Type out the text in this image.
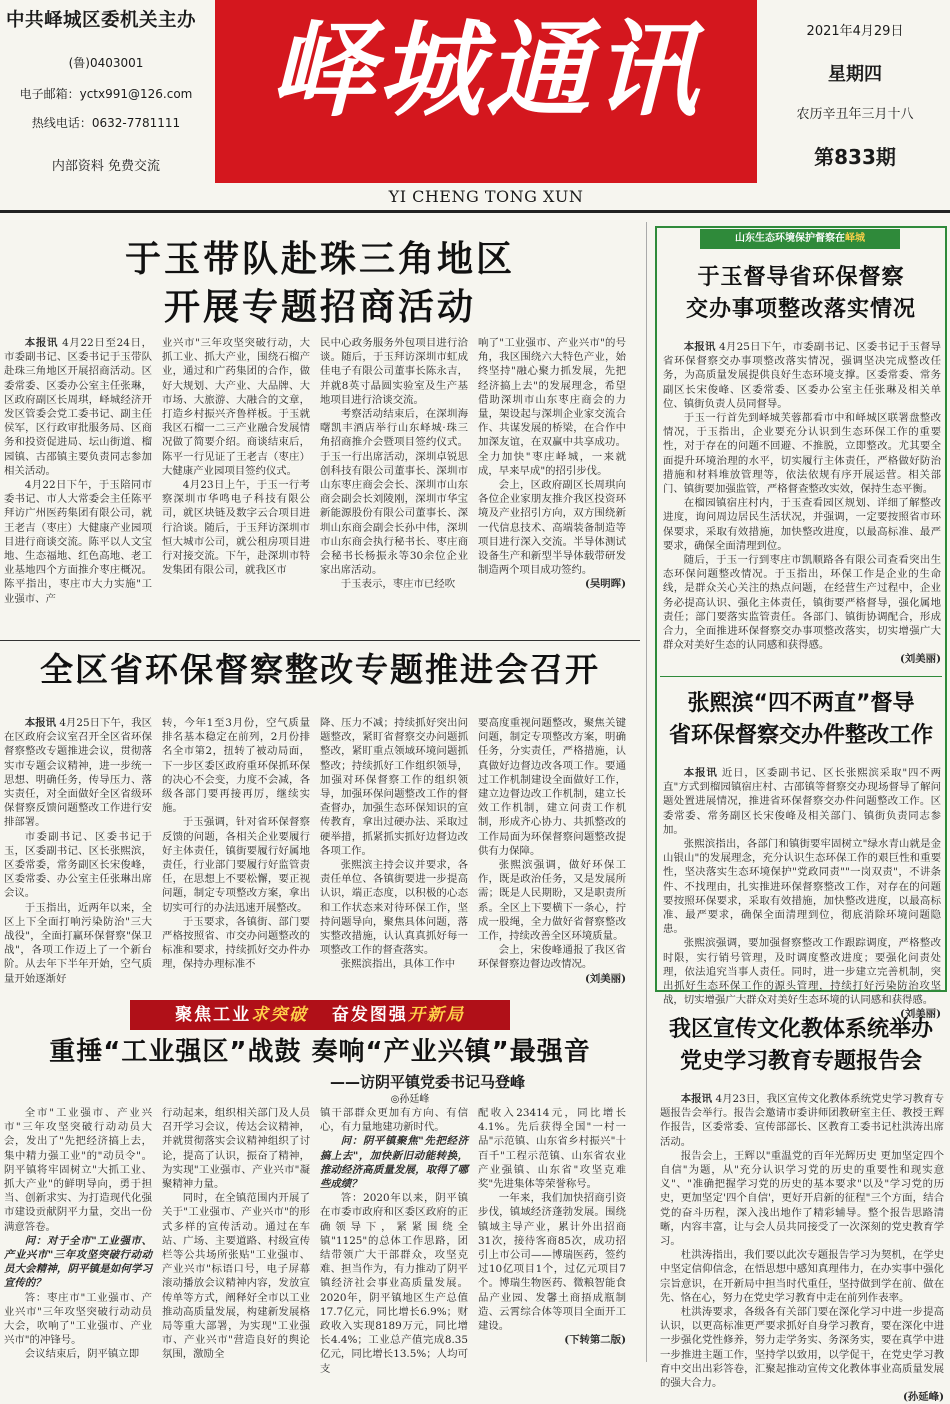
中共峄城区委机关主办
(鲁)0403001
电子邮箱：yctx991@126.com
热线电话：0632-7781111
内部资料 免费交流
峄城通讯	2021年4月29日
星期四
农历辛丑年三月十八
第833期
YI CHENG TONG XUN
于玉带队赴珠三角地区
开展专题招商活动

本报讯 4月22日至24日，市委副书记、区委书记于玉带队赴珠三角地区开展招商活动。区委常委、区委办公室主任张琳，区政府副区长周琪，峄城经济开发区管委会党工委书记、副主任侯军，区行政审批服务局、区商务和投资促进局、坛山街道、榴园镇、古邵镇主要负责同志参加相关活动。

4月22日下午，于玉陪同市委书记、市人大常委会主任陈平拜访广州医药集团有限公司，就王老吉（枣庄）大健康产业园项目进行商谈交流。陈平以人文宝地、生态福地、红色高地、老工业基地四个方面推介枣庄概况。陈平指出，枣庄市大力实施"工业强市、产

业兴市"三年攻坚突破行动，大抓工业、抓大产业，围绕石榴产业，通过和广药集团的合作，做好大规划、大产业、大品牌、大市场、大旅游、大融合的文章，打造乡村振兴齐鲁样板。于玉就我区石榴一二三产业融合发展情况做了简要介绍。商谈结束后，陈平一行见证了王老吉（枣庄）大健康产业园项目签约仪式。

4月23日上午，于玉一行考察深圳市华鸣电子科技有限公司，就区块链及数字云合项目进行洽谈。随后，于玉拜访深圳市恒大城市公司，就公租房项目进行对接交流。下午，赴深圳市特发集团有限公司，就我区市

民中心政务服务外包项目进行洽谈。随后，于玉拜访深圳市虹成佳电子有限公司董事长陈永吉，并就8英寸晶圆实验室及生产基地项目进行洽谈交流。

考察活动结束后，在深圳海曙凯丰酒店举行山东峄城·珠三角招商推介会暨项目签约仪式。于玉一行出席活动，深圳卓锐思创科技有限公司董事长、深圳市山东枣庄商会会长、深圳市山东商会副会长刘陵刚，深圳市华宝新能源股份有限公司董事长、深圳山东商会副会长孙中伟，深圳市山东商会执行秘书长、枣庄商会秘书长杨振永等30余位企业家出席活动。

于玉表示，枣庄市已经吹

响了"工业强市、产业兴市"的号角，我区围绕六大特色产业，始终坚持"融心聚力抓发展，先把经济搞上去"的发展理念，希望借助深圳市山东枣庄商会的力量，架设起与深圳企业家交流合作、共谋发展的桥梁，在合作中加深友谊，在双赢中共享成功。全力加快"枣庄峄城，一来就成，早来早成"的招引步伐。

会上，区政府副区长周琪向各位企业家朋友推介我区投资环境及产业招引方向，双方围绕新一代信息技术、高端装备制造等项目进行深入交流。半导体测试设备生产和新型半导体载带研发制造两个项目成功签约。

(吴明晖)
全区省环保督察整改专题推进会召开

本报讯 4月25日下午，我区在区政府会议室召开全区省环保督察整改专题推进会议，贯彻落实市专题会议精神，进一步统一思想、明确任务，传导压力、落实责任，对全面做好全区省级环保督察反馈问题整改工作进行安排部署。

市委副书记、区委书记于玉，区委副书记、区长张熙滨，区委常委，常务副区长宋俊峰，区委常委、办公室主任张琳出席会议。

于玉指出，近两年以来，全区上下全面打响污染防治"三大战役"，全面打赢环保督察"保卫战"，各项工作迈上了一个新台阶。从去年下半年开始，空气质量开始逐渐好

转，今年1至3月份，空气质量排名基本稳定在前列，2月份排名全市第2，扭转了被动局面，下一步区委区政府重环保抓环保的决心不会变，力度不会减，各级各部门要再接再厉，继续实施。

于玉强调，针对省环保督察反馈的问题，各相关企业要履行好主体责任，镇街要履行好属地责任，行业部门要履行好监管责任，在思想上不要松懈，要正视问题，制定专项整改方案，拿出切实可行的办法迅速开展整改。

于玉要求，各镇街、部门要严格按照省、市交办问题整改的标准和要求，持续抓好交办件办理，保持办理标准不

降、压力不减；持续抓好突出问题整改，紧盯省督察交办问题抓整改，紧盯重点领域环境问题抓整改；持续抓好工作组织领导，加强对环保督察工作的组织领导，加强环保问题整改工作的督查督办，加强生态环保知识的宣传教育，拿出过硬办法、采取过硬举措，抓紧抓实抓好边督边改各项工作。

张熙滨主持会议并要求，各责任单位、各镇街要进一步提高认识，端正态度，以积极的心态和工作状态来对待环保工作，坚持问题导向，聚焦具体问题，落实整改措施，认认真真抓好每一项整改工作的督查落实。

张熙滨指出，具体工作中

要高度重视问题整改，聚焦关键问题，制定专项整改方案，明确任务，分实责任，严格措施，认真做好边督边改各项工作。要通过工作机制建设全面做好工作，建立边督边改工作机制，建立长效工作机制，建立问责工作机制，形成齐心协力、共抓整改的工作局面为环保督察问题整改提供有力保障。

张熙滨强调，做好环保工作，既是政治任务，又是发展所需；既是人民期盼，又是职责所系。全区上下要横下一条心，拧成一股绳，全力做好省督察整改工作，持续改善全区环境质量。

会上，宋俊峰通报了我区省环保督察边督边改情况。

(刘美丽)
聚焦工业求突破 奋发图强开新局
重捶“工业强区”战鼓 奏响“产业兴镇”最强音
——访阴平镇党委书记马登峰
◎孙廷峰

全市"工业强市、产业兴市"三年攻坚突破行动动员大会，发出了"先把经济搞上去，集中精力强工业"的"动员令"。阴平镇将牢固树立"大抓工业、抓大产业"的鲜明导向，勇于担当、创新求实、为打造现代化强市建设贡献阴平力量，交出一份满意答卷。

问：对于全市"工业强市、产业兴市"三年攻坚突破行动动员大会精神，阴平镇是如何学习宣传的？

答：枣庄市"工业强市、产业兴市"三年攻坚突破行动动员大会，吹响了"工业强市、产业兴市"的冲锋号。

会议结束后，阴平镇立即

行动起来，组织相关部门及人员召开学习会议，传达会议精神，并就贯彻落实会议精神组织了讨论，提高了认识，振奋了精神，为实现"工业强市、产业兴市"凝聚精神力量。

同时，在全镇范围内开展了关于"工业强市、产业兴市"的形式多样的宣传活动。通过在车站、广场、主要道路、村级宣传栏等公共场所张贴"工业强市、产业兴市"标语口号，电子屏幕滚动播放会议精神内容，发放宣传单等方式，阐释好全市以工业推动高质量发展，构建新发展格局等重大部署，为实现"工业强市、产业兴市"营造良好的舆论氛围，激励全

镇干部群众更加有方向、有信心，有力量地建功新时代。

问：阴平镇聚焦"先把经济搞上去"，加快新旧动能转换，推动经济高质量发展，取得了哪些成绩？

答：2020年以来，阴平镇在市委市政府和区委区政府的正确领导下，紧紧围绕全镇"1125"的总体工作思路，团结带领广大干部群众，攻坚克难、担当作为，有力推动了阴平镇经济社会事业高质量发展。2020年，阴平镇地区生产总值17.7亿元，同比增长6.9%；财政收入实现8189万元，同比增长4.4%；工业总产值完成8.35亿元，同比增长13.5%；人均可支

配收入23414元，同比增长4.1%。先后获得全国"一村一品"示范镇、山东省乡村振兴"十百千"工程示范镇、山东省农业产业强镇、山东省"攻坚克难奖"先进集体等荣誉称号。

一年来，我们加快招商引资步伐，镇域经济蓬勃发展。围绕镇域主导产业，累计外出招商31次，接待客商85次，成功招引上市公司——博瑞医药，签约过10亿项目1个，过亿元项目7个。博瑞生物医药、微粮智能食品产业园、发馨土商捂成瓶制造、云霄综合体等项目全面开工建设。

(下转第二版)
山东生态环境保护督察在峄城
于玉督导省环保督察
交办事项整改落实情况

本报讯 4月25日下午，市委副书记、区委书记于玉督导省环保督察交办事项整改落实情况，强调坚决完成整改任务，为高质量发展提供良好生态环境支撑。区委常委、常务副区长宋俊峰、区委常委、区委办公室主任张琳及相关单位、镇街负责人员同督导。

于玉一行首先到峄城芙蓉都看市中和峄城区联署盘整改情况，于玉指出，企业要充分认识到生态环保工作的重要性，对于存在的问题不回避、不推脱，立即整改。尤其要全面提升环境治理的水平，切实履行主体责任，严格做好防治措施和材料堆放管理等，依法依规有序开展运营。相关部门、镇街要加强监管，严格督查整改实效，保持生态平衡。

在榴园镇宿庄村内，于玉查看园区规划、详细了解整改进度，询问周边居民生活状况，并强调，一定要按照省市环保要求，采取有效措施，加快整改进度，以最高标准、最严要求，确保全面清理到位。

随后，于玉一行到枣庄市凯顺路各有限公司查看突出生态环保问题整改情况。于玉指出，环保工作是企业的生命线，是群众关心关注的热点问题，在经营生产过程中，企业务必提高认识、强化主体责任，镇街要严格督导，强化属地责任；部门要落实监管责任。各部门、镇街协调配合，形成合力，全面推进环保督察交办事项整改落实，切实增强广大群众对美好生态的认同感和获得感。

(刘美丽)
张熙滨“四不两直”督导
省环保督察交办件整改工作

本报讯 近日，区委副书记、区长张熙滨采取"四不两直"方式到榴园镇宿庄村、古邵镇等督察交办现场督导了解问题处置进展情况，推进省环保督察交办件问题整改工作。区委常委、常务副区长宋俊峰及相关部门、镇街负责同志参加。

张熙滨指出，各部门和镇街要牢固树立"绿水青山就是金山银山"的发展理念，充分认识生态环保工作的艰巨性和重要性，坚决落实生态环境保护"党政同责""一岗双责"，不讲条件、不找理由，扎实推进环保督察整改工作，对存在的问题要按照环保要求，采取有效措施，加快整改进度，以最高标准、最严要求，确保全面清理到位，彻底消除环境问题隐患。

张熙滨强调，要加强督察整改工作跟踪调度，严格整改时限，实行销号管理，及时调度整改进度；要强化问责处理，依法追究当事人责任。同时，进一步建立完善机制，突出抓好生态环保工作的源头管理，持续打好污染防治攻坚战，切实增强广大群众对美好生态环境的认同感和获得感。

(刘美丽)
我区宣传文化教体系统举办
党史学习教育专题报告会

本报讯 4月23日，我区宣传文化教体系统党史学习教育专题报告会举行。报告会邀请市委讲师团教研室主任、教授王辉作报告，区委常委、宣传部部长、区教育工委书记杜洪涛出席活动。

报告会上，王辉以"重温党的百年光辉历史 更加坚定四个自信"为题，从"充分认识学习党的历史的重要性和现实意义"、"准确把握学习党的历史的基本要求"以及"学习党的历史，更加坚定'四个自信'，更好开启新的征程"三个方面，结合党的奋斗历程，深入浅出地作了精彩辅导。整个报告思路清晰，内容丰富，让与会人员共同接受了一次深刻的党史教育学习。

杜洪涛指出，我们要以此次专题报告学习为契机，在学史中坚定信仰信念，在悟思想中感知真理伟力，在办实事中强化宗旨意识，在开新局中担当时代重任，坚持做到学在前、做在先、恪在心，努力在党史学习教育中走在前列作表率。

杜洪涛要求，各级各有关部门要在深化学习中进一步提高认识，以更高标准更严要求抓好自身学习教育，要在深化中进一步强化党性修养，努力走学务实、务深务实，要在真学中进一步推进主题工作，坚持学以致用，以学促干，在党史学习教育中交出出彩答卷，汇聚起推动宣传文化教体事业高质量发展的强大合力。

(孙延峰)
